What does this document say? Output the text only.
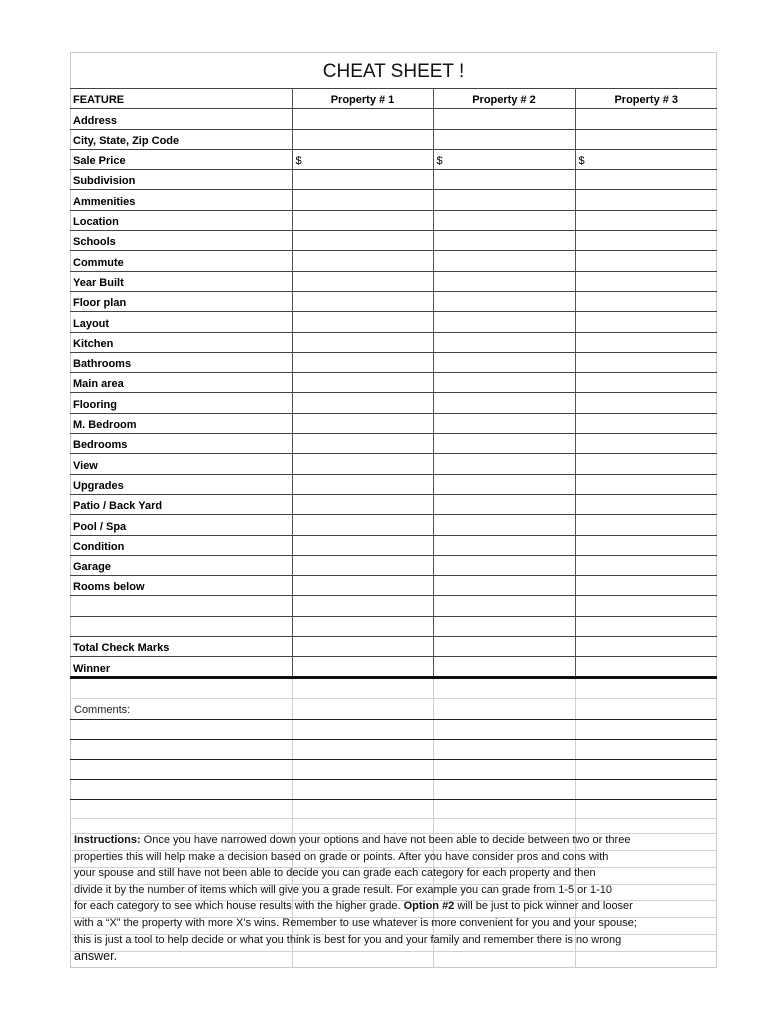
CHEAT SHEET !
FEATURE	Property # 1	Property # 2	Property # 3
Address			
City, State, Zip Code			
Sale Price	$	$	$
Subdivision			
Ammenities			
Location			
Schools			
Commute			
Year Built			
Floor plan			
Layout			
Kitchen			
Bathrooms			
Main area			
Flooring			
M. Bedroom			
Bedrooms			
View			
Upgrades			
Patio / Back Yard			
Pool / Spa			
Condition			
Garage			
Rooms below			

Total Check Marks			
Winner			
Comments:
Instructions: Once you have narrowed down your options and have not been able to decide between two or three
properties this will help make a decision based on grade or points. After you have consider pros and cons with
your spouse and still have not been able to decide you can grade each category for each property and then
divide it by the number of items which will give you a grade result. For example you can grade from 1-5 or 1-10
for each category to see which house results with the higher grade. Option #2 will be just to pick winner and looser
with a “X” the property with more X’s wins. Remember to use whatever is more convenient for you and your spouse;
this is just a tool to help decide or what you think is best for you and your family and remember there is no wrong
answer.
